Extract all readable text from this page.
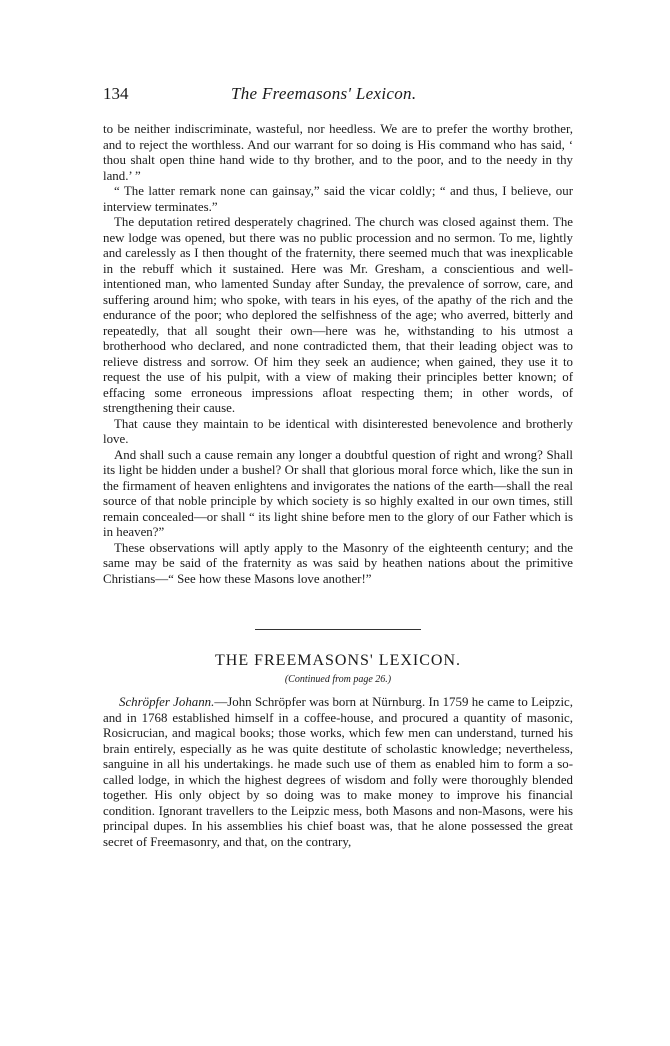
134	The Freemasons' Lexicon.

to be neither indiscriminate, wasteful, nor heedless. We are to prefer the worthy brother, and to reject the worthless. And our warrant for so doing is His command who has said, ‘ thou shalt open thine hand wide to thy brother, and to the poor, and to the needy in thy land.’ ”

“ The latter remark none can gainsay,” said the vicar coldly; “ and thus, I believe, our interview terminates.”

The deputation retired desperately chagrined. The church was closed against them. The new lodge was opened, but there was no public procession and no sermon. To me, lightly and carelessly as I then thought of the fraternity, there seemed much that was inexplicable in the rebuff which it sustained. Here was Mr. Gresham, a conscientious and well-intentioned man, who lamented Sunday after Sunday, the prevalence of sorrow, care, and suffering around him; who spoke, with tears in his eyes, of the apathy of the rich and the endurance of the poor; who deplored the selfishness of the age; who averred, bitterly and repeatedly, that all sought their own—here was he, withstanding to his utmost a brotherhood who declared, and none contradicted them, that their leading object was to relieve distress and sorrow. Of him they seek an audience; when gained, they use it to request the use of his pulpit, with a view of making their principles better known; of effacing some erroneous impressions afloat respecting them; in other words, of strengthening their cause.

That cause they maintain to be identical with disinterested benevolence and brotherly love.

And shall such a cause remain any longer a doubtful question of right and wrong? Shall its light be hidden under a bushel? Or shall that glorious moral force which, like the sun in the firmament of heaven enlightens and invigorates the nations of the earth—shall the real source of that noble principle by which society is so highly exalted in our own times, still remain concealed—or shall “ its light shine before men to the glory of our Father which is in heaven?”

These observations will aptly apply to the Masonry of the eighteenth century; and the same may be said of the fraternity as was said by heathen nations about the primitive Christians—“ See how these Masons love another!”

THE FREEMASONS' LEXICON.
(Continued from page 26.)

Schröpfer Johann.—John Schröpfer was born at Nürnburg. In 1759 he came to Leipzic, and in 1768 established himself in a coffee-house, and procured a quantity of masonic, Rosicrucian, and magical books; those works, which few men can understand, turned his brain entirely, especially as he was quite destitute of scholastic knowledge; nevertheless, sanguine in all his undertakings. he made such use of them as enabled him to form a so-called lodge, in which the highest degrees of wisdom and folly were thoroughly blended together. His only object by so doing was to make money to improve his financial condition. Ignorant travellers to the Leipzic mess, both Masons and non-Masons, were his principal dupes. In his assemblies his chief boast was, that he alone possessed the great secret of Freemasonry, and that, on the contrary,
